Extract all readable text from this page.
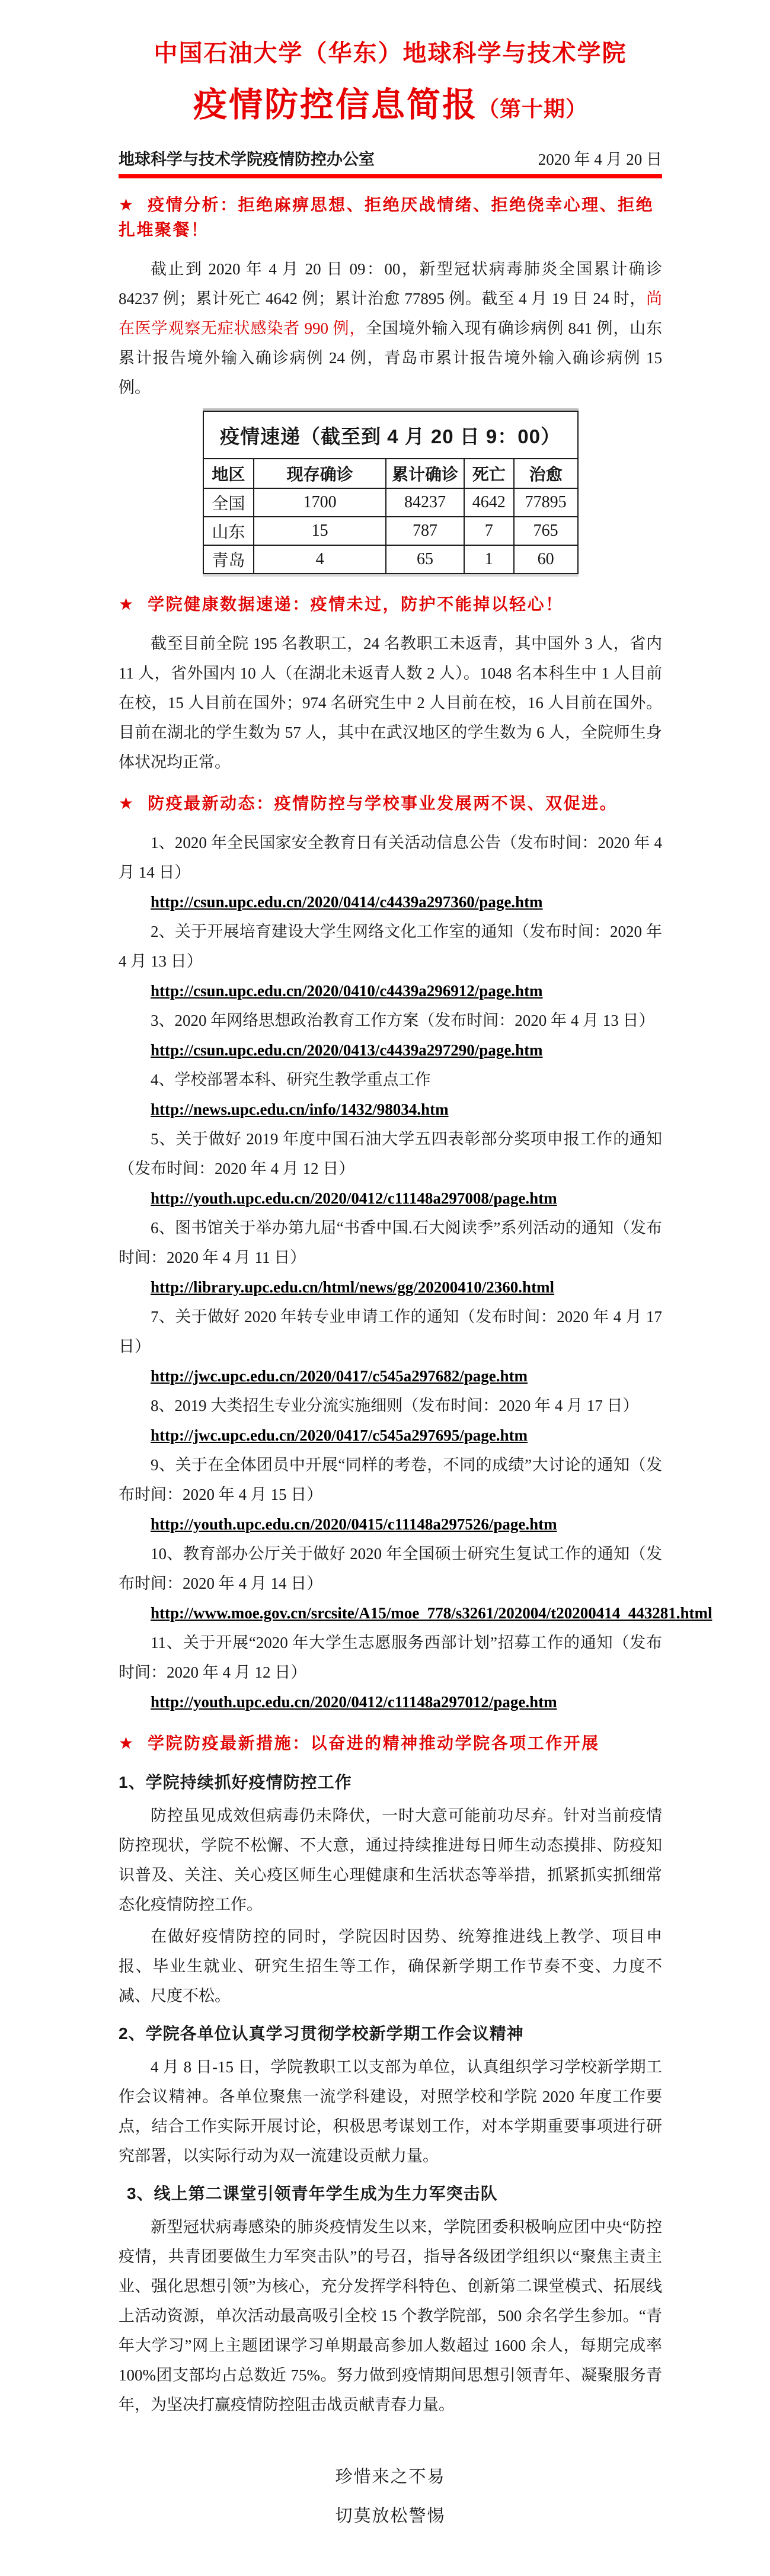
中国石油大学（华东）地球科学与技术学院
疫情防控信息简报（第十期）
地球科学与技术学院疫情防控办公室	2020 年 4 月 20 日

★ 疫情分析：拒绝麻痹思想、拒绝厌战情绪、拒绝侥幸心理、拒绝扎堆聚餐！

截止到 2020 年 4 月 20 日 09：00，新型冠状病毒肺炎全国累计确诊 84237 例；累计死亡 4642 例；累计治愈 77895 例。截至 4 月 19 日 24 时，尚在医学观察无症状感染者 990 例，全国境外输入现有确诊病例 841 例，山东累计报告境外输入确诊病例 24 例，青岛市累计报告境外输入确诊病例 15 例。

疫情速递（截至到 4 月 20 日 9：00）				
地区	现存确诊	累计确诊	死亡	治愈
全国	1700	84237	4642	77895
山东	15	787	7	765
青岛	4	65	1	60

★ 学院健康数据速递：疫情未过，防护不能掉以轻心！

截至目前全院 195 名教职工，24 名教职工未返青，其中国外 3 人，省内 11 人，省外国内 10 人（在湖北未返青人数 2 人）。1048 名本科生中 1 人目前在校，15 人目前在国外；974 名研究生中 2 人目前在校，16 人目前在国外。目前在湖北的学生数为 57 人，其中在武汉地区的学生数为 6 人，全院师生身体状况均正常。

★ 防疫最新动态：疫情防控与学校事业发展两不误、双促进。

1、2020 年全民国家安全教育日有关活动信息公告（发布时间：2020 年 4 月 14 日）

http://csun.upc.edu.cn/2020/0414/c4439a297360/page.htm

2、关于开展培育建设大学生网络文化工作室的通知（发布时间：2020 年 4 月 13 日）

http://csun.upc.edu.cn/2020/0410/c4439a296912/page.htm

3、2020 年网络思想政治教育工作方案（发布时间：2020 年 4 月 13 日）

http://csun.upc.edu.cn/2020/0413/c4439a297290/page.htm

4、学校部署本科、研究生教学重点工作

http://news.upc.edu.cn/info/1432/98034.htm

5、关于做好 2019 年度中国石油大学五四表彰部分奖项申报工作的通知（发布时间：2020 年 4 月 12 日）

http://youth.upc.edu.cn/2020/0412/c11148a297008/page.htm

6、图书馆关于举办第九届“书香中国.石大阅读季”系列活动的通知（发布时间：2020 年 4 月 11 日）

http://library.upc.edu.cn/html/news/gg/20200410/2360.html

7、关于做好 2020 年转专业申请工作的通知（发布时间：2020 年 4 月 17 日）

http://jwc.upc.edu.cn/2020/0417/c545a297682/page.htm

8、2019 大类招生专业分流实施细则（发布时间：2020 年 4 月 17 日）

http://jwc.upc.edu.cn/2020/0417/c545a297695/page.htm

9、关于在全体团员中开展“同样的考卷，不同的成绩”大讨论的通知（发布时间：2020 年 4 月 15 日）

http://youth.upc.edu.cn/2020/0415/c11148a297526/page.htm

10、教育部办公厅关于做好 2020 年全国硕士研究生复试工作的通知（发布时间：2020 年 4 月 14 日）

http://www.moe.gov.cn/srcsite/A15/moe_778/s3261/202004/t20200414_443281.html

11、关于开展“2020 年大学生志愿服务西部计划”招募工作的通知（发布时间：2020 年 4 月 12 日）

http://youth.upc.edu.cn/2020/0412/c11148a297012/page.htm

★ 学院防疫最新措施：以奋进的精神推动学院各项工作开展

1、学院持续抓好疫情防控工作

防控虽见成效但病毒仍未降伏，一时大意可能前功尽弃。针对当前疫情防控现状，学院不松懈、不大意，通过持续推进每日师生动态摸排、防疫知识普及、关注、关心疫区师生心理健康和生活状态等举措，抓紧抓实抓细常态化疫情防控工作。

在做好疫情防控的同时，学院因时因势、统筹推进线上教学、项目申报、毕业生就业、研究生招生等工作，确保新学期工作节奏不变、力度不减、尺度不松。

2、学院各单位认真学习贯彻学校新学期工作会议精神

4 月 8 日-15 日，学院教职工以支部为单位，认真组织学习学校新学期工作会议精神。各单位聚焦一流学科建设，对照学校和学院 2020 年度工作要点，结合工作实际开展讨论，积极思考谋划工作，对本学期重要事项进行研究部署，以实际行动为双一流建设贡献力量。

3、线上第二课堂引领青年学生成为生力军突击队

新型冠状病毒感染的肺炎疫情发生以来，学院团委积极响应团中央“防控疫情，共青团要做生力军突击队”的号召，指导各级团学组织以“聚焦主责主业、强化思想引领”为核心，充分发挥学科特色、创新第二课堂模式、拓展线上活动资源，单次活动最高吸引全校 15 个教学院部，500 余名学生参加。“青年大学习”网上主题团课学习单期最高参加人数超过 1600 余人，每期完成率 100%团支部均占总数近 75%。努力做到疫情期间思想引领青年、凝聚服务青年，为坚决打赢疫情防控阻击战贡献青春力量。

珍惜来之不易

切莫放松警惕
